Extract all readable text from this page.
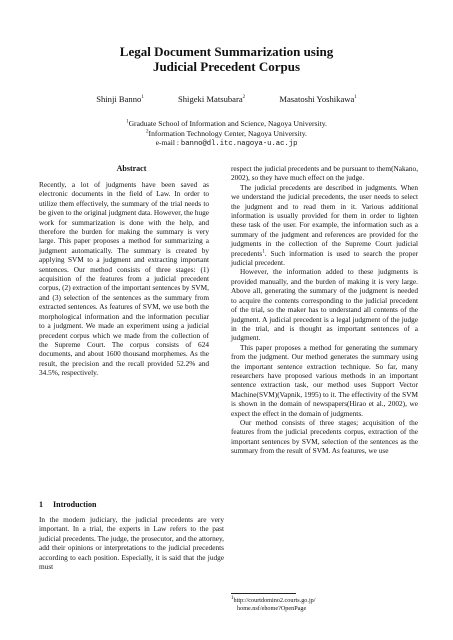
Legal Document Summarization using
Judicial Precedent Corpus
Shinji Banno$^1$	Shigeki Matsubara$^2$	Masatoshi Yoshikawa$^1$
$^1$Graduate School of Information and Science, Nagoya University.
$^2$Information Technology Center, Nagoya University.
e-mail : banno@dl.itc.nagoya-u.ac.jp
Abstract
Recently, a lot of judgments have been saved as electronic documents in the field of Law. In order to utilize them effectively, the summary of the trial needs to be given to the original judgment data. However, the huge work for summarization is done with the help, and therefore the burden for making the summary is very large. This paper proposes a method for summarizing a judgment automatically. The summary is created by applying SVM to a judgment and extracting important sentences. Our method consists of three stages: (1) acquisition of the features from a judicial precedent corpus, (2) extraction of the important sentences by SVM, and (3) selection of the sentences as the summary from extracted sentences. As features of SVM, we use both the morphological information and the information peculiar to a judgment. We made an experiment using a judicial precedent corpus which we made from the collection of the Supreme Court. The corpus consists of 624 documents, and about 1600 thousand morphemes. As the result, the precision and the recall provided 52.2% and 34.5%, respectively.
1 Introduction

In the modern judiciary, the judicial precedents are very important. In a trial, the experts in Law refers to the past judicial precedents. The judge, the prosecutor, and the attorney, add their opinions or interpretations to the judicial precedents according to each position. Especially, it is said that the judge must

respect the judicial precedents and be pursuant to them(Nakano, 2002), so they have much effect on the judge.

The judicial precedents are described in judgments. When we understand the judicial precedents, the user needs to select the judgment and to read them in it. Various additional information is usually provided for them in order to lighten these task of the user. For example, the information such as a summary of the judgment and references are provided for the judgments in the collection of the Supreme Court judicial precedents$^1$. Such information is used to search the proper judicial precedent.

However, the information added to these judgments is provided manually, and the burden of making it is very large. Above all, generating the summary of the judgment is needed to acquire the contents corresponding to the judicial precedent of the trial, so the maker has to understand all contents of the judgment. A judicial precedent is a legal judgment of the judge in the trial, and is thought as important sentences of a judgment.

This paper proposes a method for generating the summary from the judgment. Our method generates the summary using the important sentence extraction technique. So far, many researchers have proposed various methods in an important sentence extraction task, our method uses Support Vector Machine(SVM)(Vapnik, 1995) to it. The effectivity of the SVM is shown in the domain of newspapers(Hirao et al., 2002), we expect the effect in the domain of judgments.

Our method consists of three stages; acquisition of the features from the judicial precedents corpus, extraction of the important sentences by SVM, selection of the sentences as the summary from the result of SVM. As features, we use

$^1$http://courtdomino2.courts.go.jp/
home.nsf/ehome?OpenPage
